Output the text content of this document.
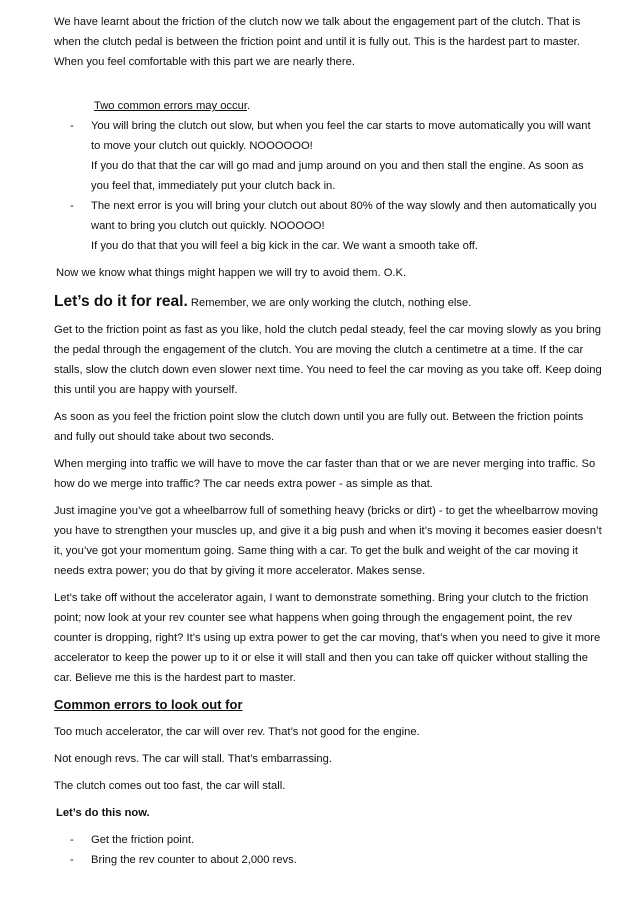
We have learnt about the friction of the clutch now we talk about the engagement part of the clutch. That is when the clutch pedal is between the friction point and until it is fully out. This is the hardest part to master. When you feel comfortable with this part we are nearly there.

Two common errors may occur.

- You will bring the clutch out slow, but when you feel the car starts to move automatically you will want to move your clutch out quickly. NOOOOOO!

If you do that that the car will go mad and jump around on you and then stall the engine. As soon as you feel that, immediately put your clutch back in.

- The next error is you will bring your clutch out about 80% of the way slowly and then automatically you want to bring you clutch out quickly. NOOOOO!

If you do that that you will feel a big kick in the car. We want a smooth take off.

Now we know what things might happen we will try to avoid them. O.K.

Let’s do it for real. Remember, we are only working the clutch, nothing else.

Get to the friction point as fast as you like, hold the clutch pedal steady, feel the car moving slowly as you bring the pedal through the engagement of the clutch. You are moving the clutch a centimetre at a time. If the car stalls, slow the clutch down even slower next time. You need to feel the car moving as you take off. Keep doing this until you are happy with yourself.

As soon as you feel the friction point slow the clutch down until you are fully out. Between the friction points and fully out should take about two seconds.

When merging into traffic we will have to move the car faster than that or we are never merging into traffic. So how do we merge into traffic? The car needs extra power - as simple as that.

Just imagine you’ve got a wheelbarrow full of something heavy (bricks or dirt) - to get the wheelbarrow moving you have to strengthen your muscles up, and give it a big push and when it’s moving it becomes easier doesn’t it, you’ve got your momentum going. Same thing with a car. To get the bulk and weight of the car moving it needs extra power; you do that by giving it more accelerator. Makes sense.

Let’s take off without the accelerator again, I want to demonstrate something. Bring your clutch to the friction point; now look at your rev counter see what happens when going through the engagement point, the rev counter is dropping, right? It’s using up extra power to get the car moving, that’s when you need to give it more accelerator to keep the power up to it or else it will stall and then you can take off quicker without stalling the car. Believe me this is the hardest part to master.

Common errors to look out for

Too much accelerator, the car will over rev. That’s not good for the engine.

Not enough revs. The car will stall. That’s embarrassing.

The clutch comes out too fast, the car will stall.

Let’s do this now.

- Get the friction point.
- Bring the rev counter to about 2,000 revs.
